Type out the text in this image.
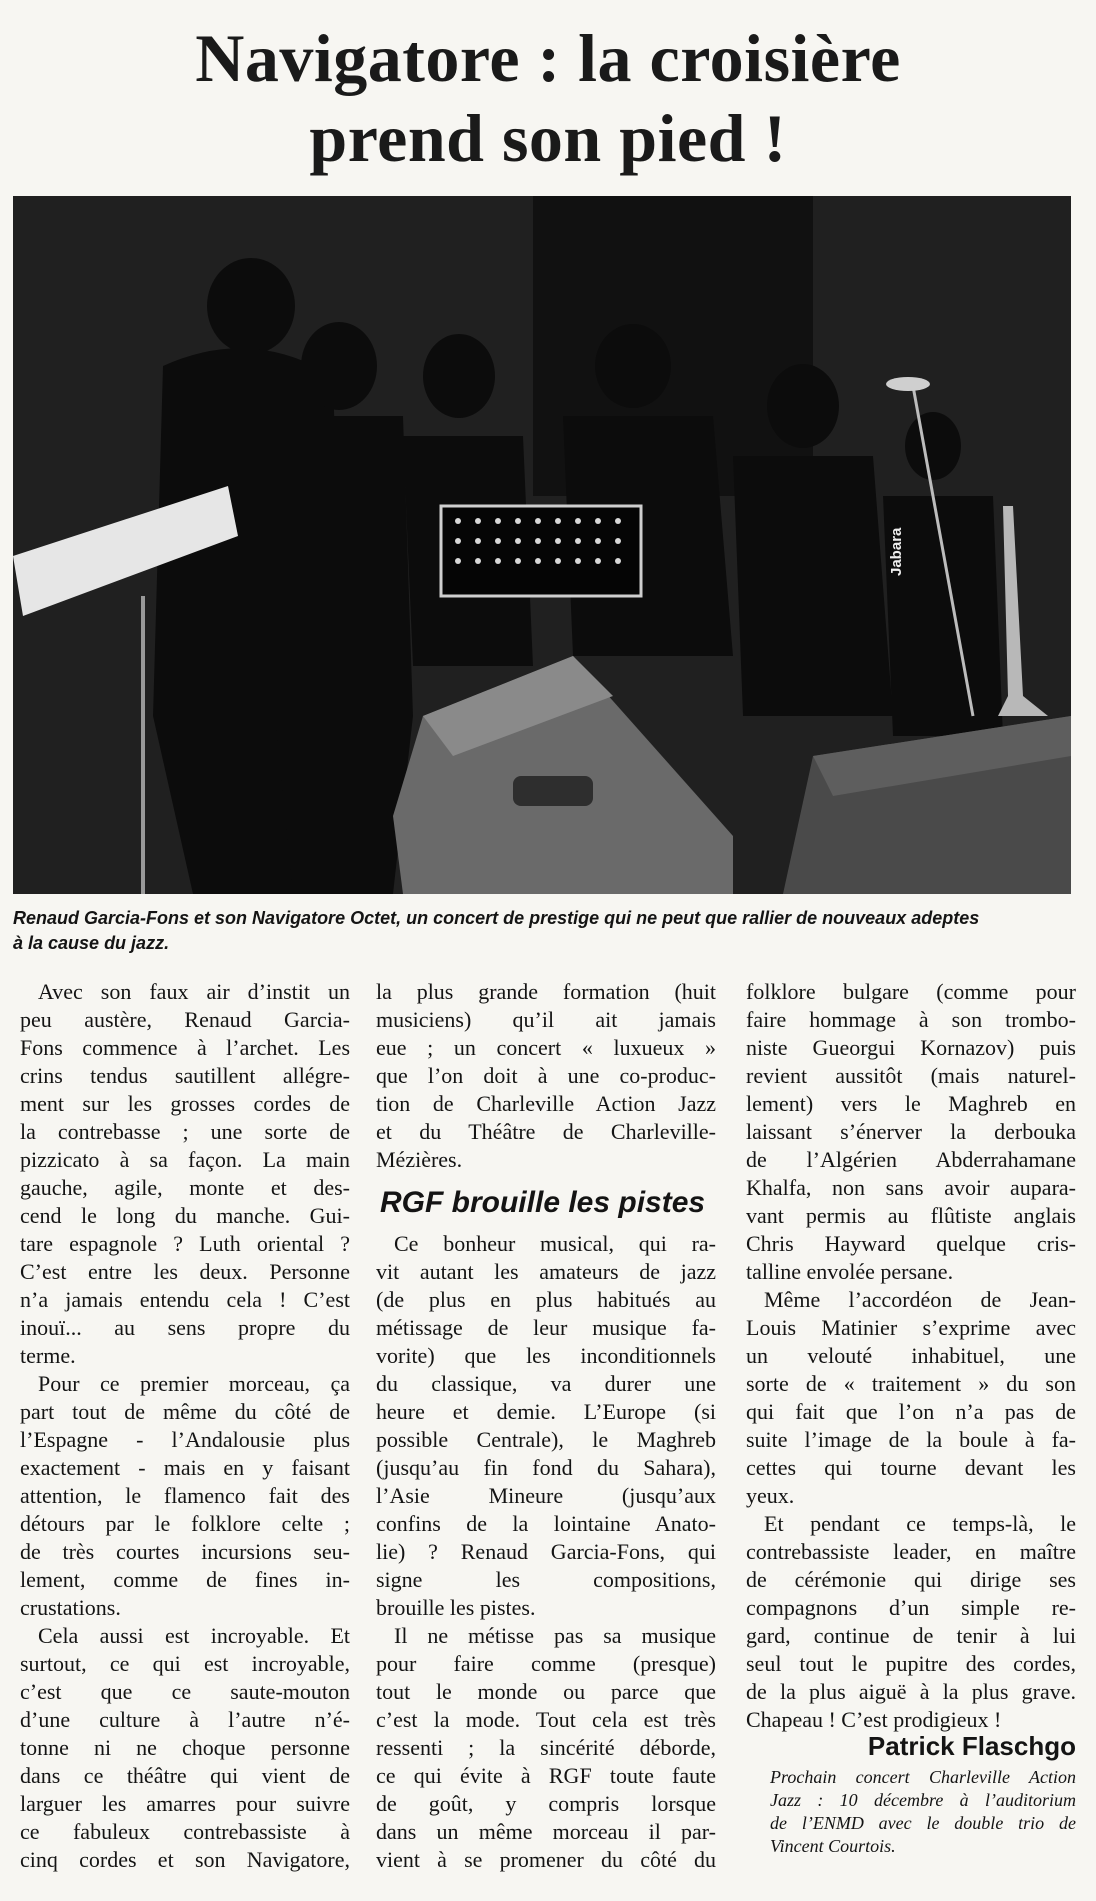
Navigatore : la croisière
prend son pied !
Jabara
Renaud Garcia-Fons et son Navigatore Octet, un concert de prestige qui ne peut que rallier de nouveaux adeptes
à la cause du jazz.
Avec son faux air d’instit un
peu austère, Renaud Garcia-
Fons commence à l’archet. Les
crins tendus sautillent allégre-
ment sur les grosses cordes de
la contrebasse ; une sorte de
pizzicato à sa façon. La main
gauche, agile, monte et des-
cend le long du manche. Gui-
tare espagnole ? Luth oriental ?
C’est entre les deux. Personne
n’a jamais entendu cela ! C’est
inouï... au sens propre du
terme.
Pour ce premier morceau, ça
part tout de même du côté de
l’Espagne - l’Andalousie plus
exactement - mais en y faisant
attention, le flamenco fait des
détours par le folklore celte ;
de très courtes incursions seu-
lement, comme de fines in-
crustations.
Cela aussi est incroyable. Et
surtout, ce qui est incroyable,
c’est que ce saute-mouton
d’une culture à l’autre n’é-
tonne ni ne choque personne
dans ce théâtre qui vient de
larguer les amarres pour suivre
ce fabuleux contrebassiste à
cinq cordes et son Navigatore,
la plus grande formation (huit
musiciens) qu’il ait jamais
eue ; un concert « luxueux »
que l’on doit à une co-produc-
tion de Charleville Action Jazz
et du Théâtre de Charleville-
Mézières.
RGF brouille les pistes
Ce bonheur musical, qui ra-
vit autant les amateurs de jazz
(de plus en plus habitués au
métissage de leur musique fa-
vorite) que les inconditionnels
du classique, va durer une
heure et demie. L’Europe (si
possible Centrale), le Maghreb
(jusqu’au fin fond du Sahara),
l’Asie Mineure (jusqu’aux
confins de la lointaine Anato-
lie) ? Renaud Garcia-Fons, qui
signe les compositions,
brouille les pistes.
Il ne métisse pas sa musique
pour faire comme (presque)
tout le monde ou parce que
c’est la mode. Tout cela est très
ressenti ; la sincérité déborde,
ce qui évite à RGF toute faute
de goût, y compris lorsque
dans un même morceau il par-
vient à se promener du côté du
folklore bulgare (comme pour
faire hommage à son trombo-
niste Gueorgui Kornazov) puis
revient aussitôt (mais naturel-
lement) vers le Maghreb en
laissant s’énerver la derbouka
de l’Algérien Abderrahamane
Khalfa, non sans avoir aupara-
vant permis au flûtiste anglais
Chris Hayward quelque cris-
talline envolée persane.
Même l’accordéon de Jean-
Louis Matinier s’exprime avec
un velouté inhabituel, une
sorte de « traitement » du son
qui fait que l’on n’a pas de
suite l’image de la boule à fa-
cettes qui tourne devant les
yeux.
Et pendant ce temps-là, le
contrebassiste leader, en maître
de cérémonie qui dirige ses
compagnons d’un simple re-
gard, continue de tenir à lui
seul tout le pupitre des cordes,
de la plus aiguë à la plus grave.
Chapeau ! C’est prodigieux !
Patrick Flaschgo
Prochain concert Charleville Action
Jazz : 10 décembre à l’auditorium
de l’ENMD avec le double trio de
Vincent Courtois.
